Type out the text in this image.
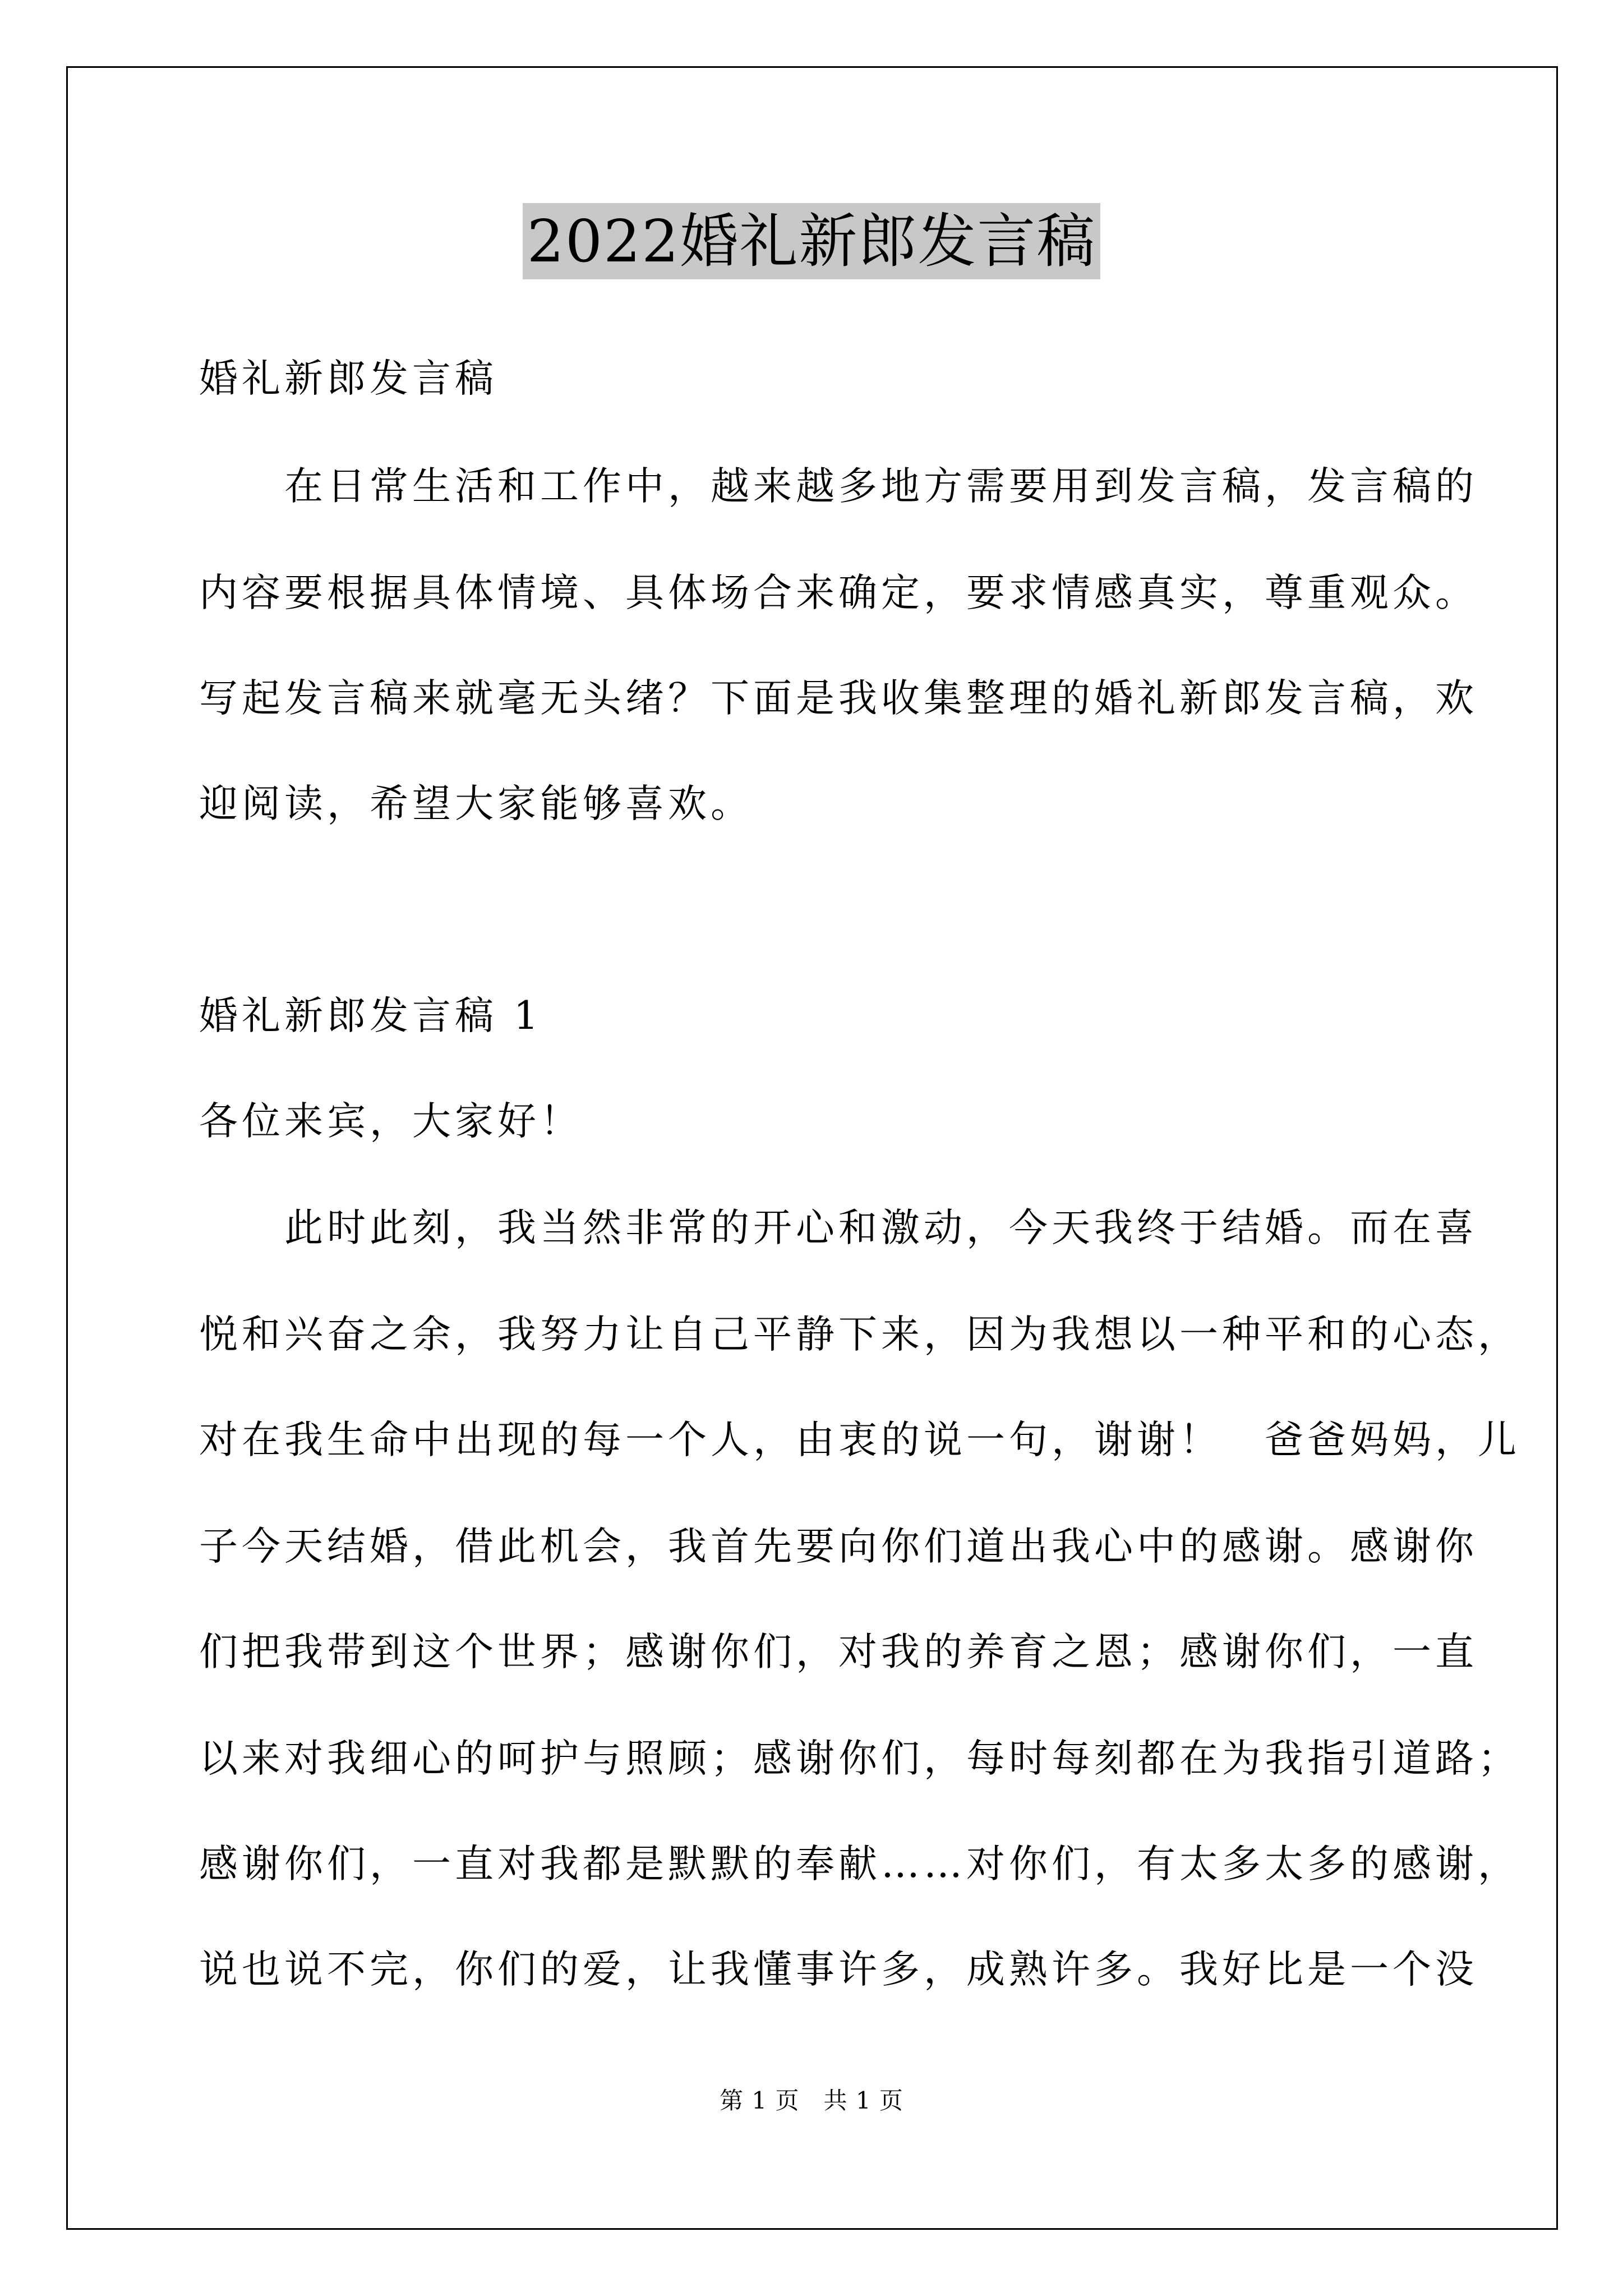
2022婚礼新郎发言稿
婚礼新郎发言稿
　　在日常生活和工作中，越来越多地方需要用到发言稿，发言稿的
内容要根据具体情境、具体场合来确定，要求情感真实，尊重观众。
写起发言稿来就毫无头绪？下面是我收集整理的婚礼新郎发言稿，欢
迎阅读，希望大家能够喜欢。
婚礼新郎发言稿 1
各位来宾，大家好！
　　此时此刻，我当然非常的开心和激动，今天我终于结婚。而在喜
悦和兴奋之余，我努力让自己平静下来，因为我想以一种平和的心态，
对在我生命中出现的每一个人，由衷的说一句，谢谢！　爸爸妈妈，儿
子今天结婚，借此机会，我首先要向你们道出我心中的感谢。感谢你
们把我带到这个世界；感谢你们，对我的养育之恩；感谢你们，一直
以来对我细心的呵护与照顾；感谢你们，每时每刻都在为我指引道路；
感谢你们，一直对我都是默默的奉献……对你们，有太多太多的感谢，
说也说不完，你们的爱，让我懂事许多，成熟许多。我好比是一个没
第 1 页　共 1 页
